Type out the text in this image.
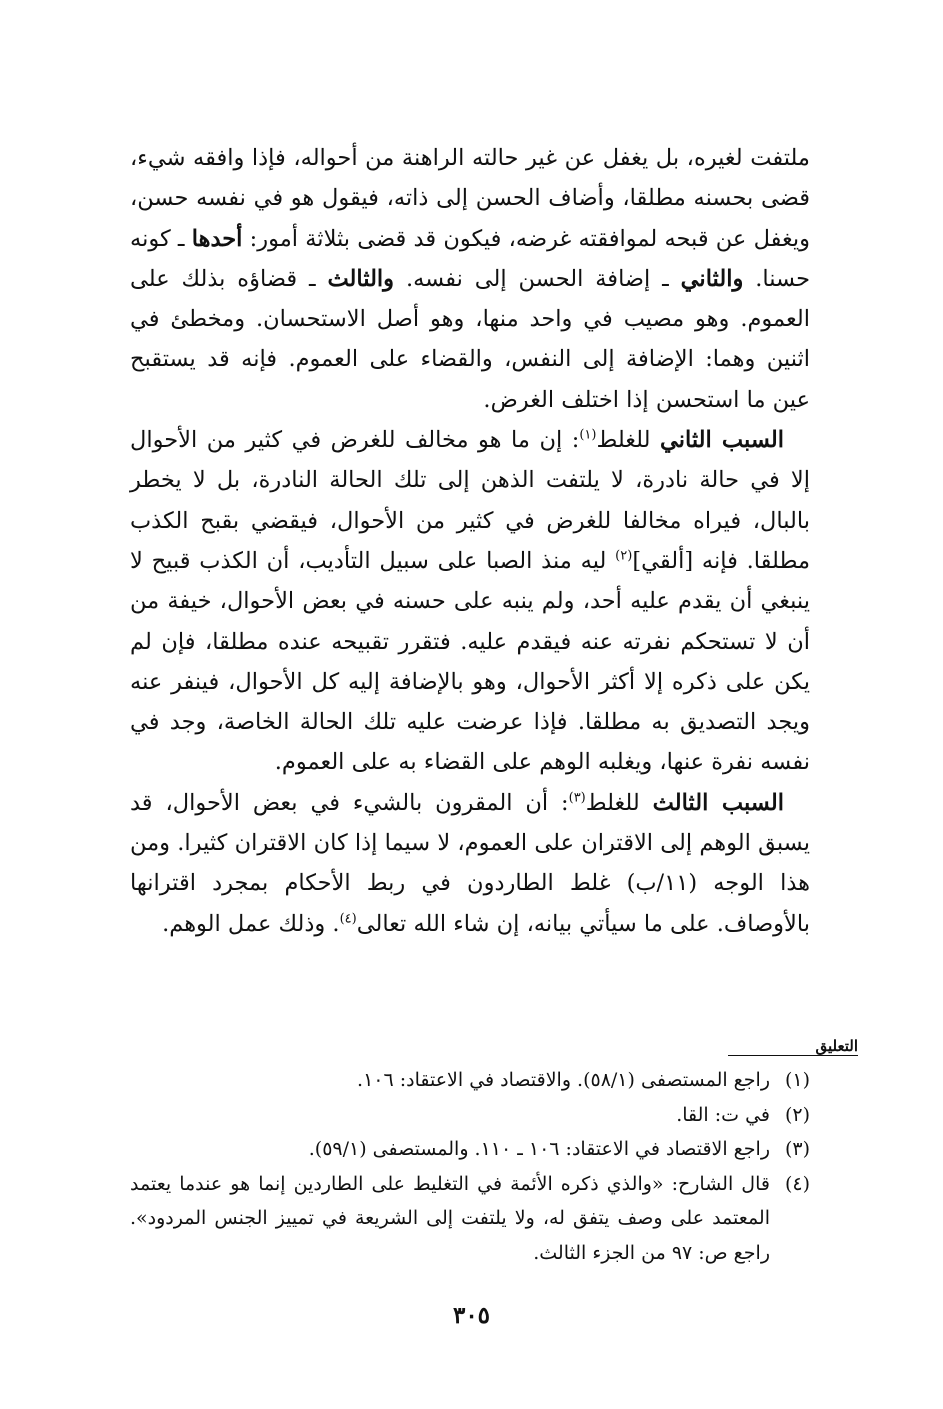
ملتفت لغيره، بل يغفل عن غير حالته الراهنة من أحواله، فإذا وافقه شيء، قضى بحسنه مطلقا، وأضاف الحسن إلى ذاته، فيقول هو في نفسه حسن، ويغفل عن قبحه لموافقته غرضه، فيكون قد قضى بثلاثة أمور: أحدها ـ كونه حسنا. والثاني ـ إضافة الحسن إلى نفسه. والثالث ـ قضاؤه بذلك على العموم. وهو مصيب في واحد منها، وهو أصل الاستحسان. ومخطئ في اثنين وهما: الإضافة إلى النفس، والقضاء على العموم. فإنه قد يستقبح عين ما استحسن إذا اختلف الغرض.

السبب الثاني للغلط$^{(١)}$: إن ما هو مخالف للغرض في كثير من الأحوال إلا في حالة نادرة، لا يلتفت الذهن إلى تلك الحالة النادرة، بل لا يخطر بالبال، فيراه مخالفا للغرض في كثير من الأحوال، فيقضي بقبح الكذب مطلقا. فإنه [ألقي]$^{(٢)}$ ليه منذ الصبا على سبيل التأديب، أن الكذب قبيح لا ينبغي أن يقدم عليه أحد، ولم ينبه على حسنه في بعض الأحوال، خيفة من أن لا تستحكم نفرته عنه فيقدم عليه. فتقرر تقبيحه عنده مطلقا، فإن لم يكن على ذكره إلا أكثر الأحوال، وهو بالإضافة إليه كل الأحوال، فينفر عنه ويجد التصديق به مطلقا. فإذا عرضت عليه تلك الحالة الخاصة، وجد في نفسه نفرة عنها، ويغلبه الوهم على القضاء به على العموم.

السبب الثالث للغلط$^{(٣)}$: أن المقرون بالشيء في بعض الأحوال، قد يسبق الوهم إلى الاقتران على العموم، لا سيما إذا كان الاقتران كثيرا. ومن هذا الوجه (١١/ب) غلط الطاردون في ربط الأحكام بمجرد اقترانها بالأوصاف. على ما سيأتي بيانه، إن شاء الله تعالى$^{(٤)}$. وذلك عمل الوهم.

التعليق
(١)
راجع المستصفى (٥٨/١). والاقتصاد في الاعتقاد: ١٠٦.
(٢)
في ت: القا.
(٣)
راجع الاقتصاد في الاعتقاد: ١٠٦ ـ ١١٠. والمستصفى (٥٩/١).
(٤)
قال الشارح: «والذي ذكره الأئمة في التغليط على الطاردين إنما هو عندما يعتمد المعتمد على وصف يتفق له، ولا يلتفت إلى الشريعة في تمييز الجنس المردود». راجع ص: ٩٧ من الجزء الثالث.
٣٠٥
